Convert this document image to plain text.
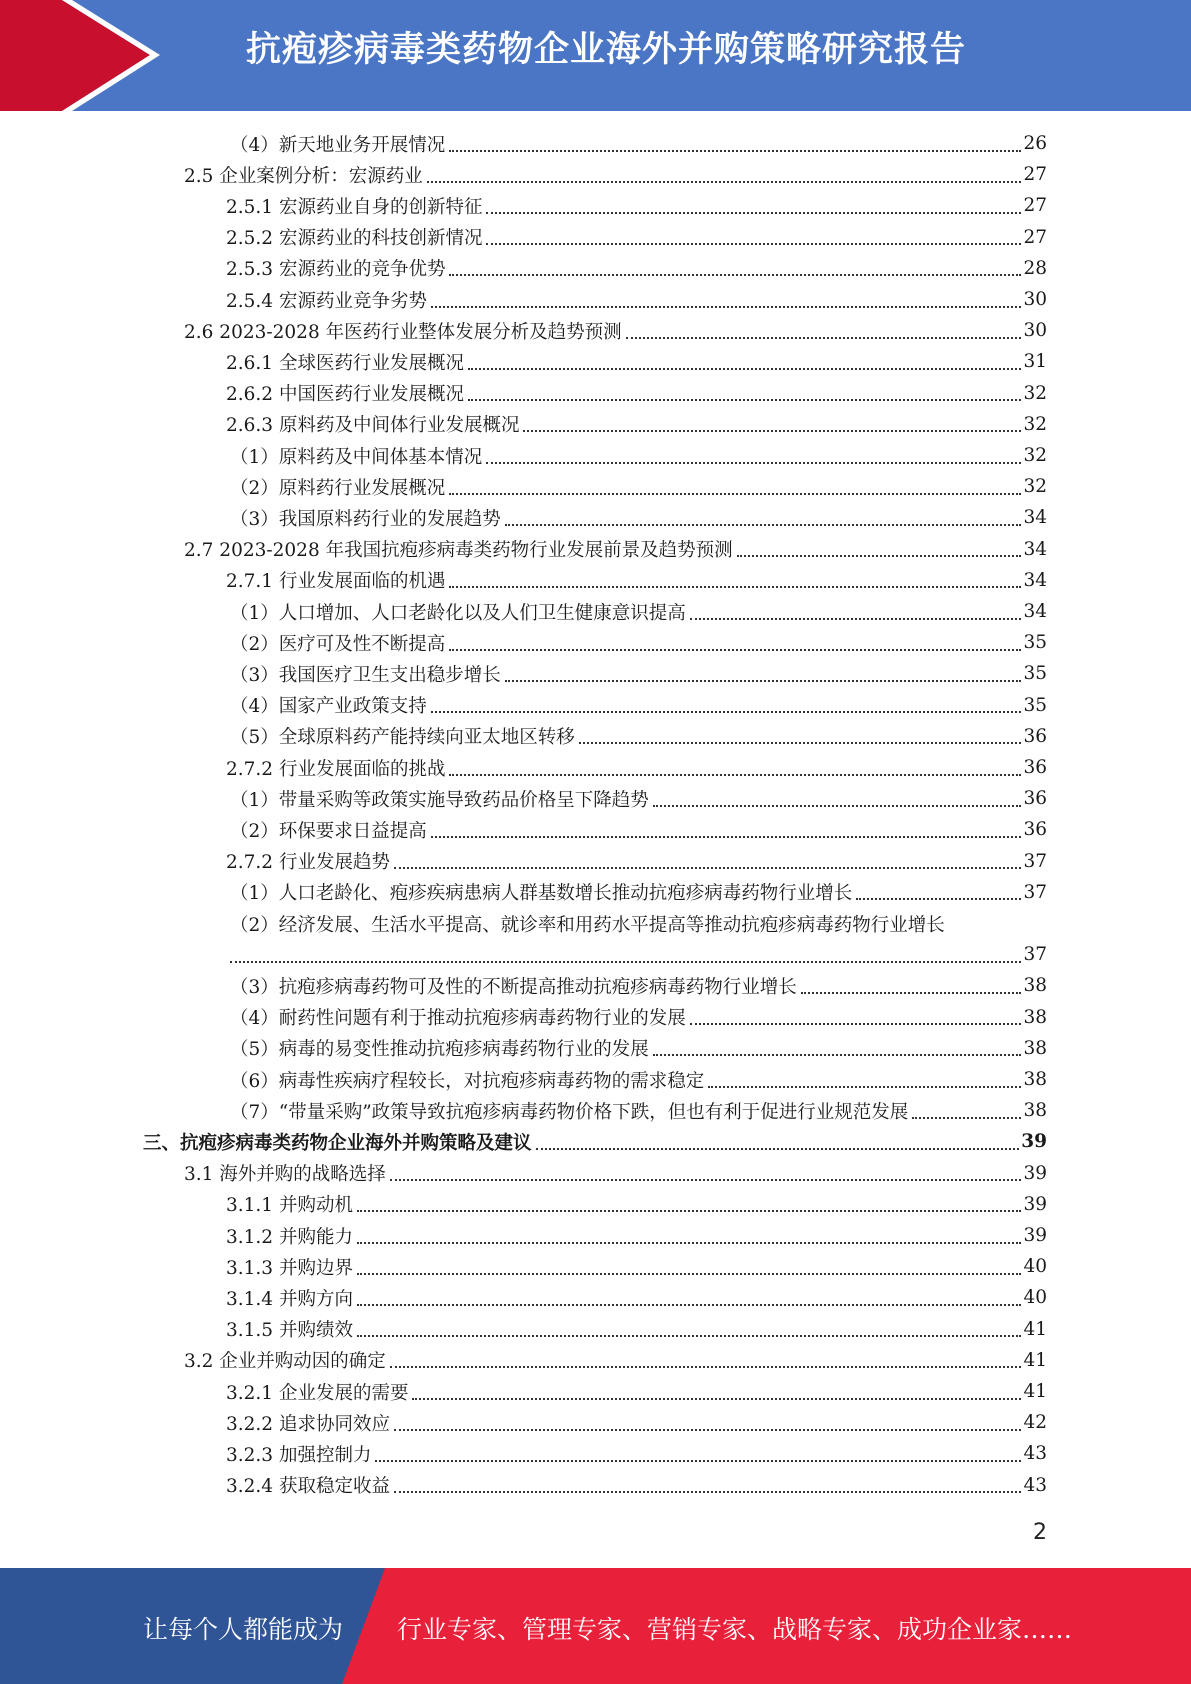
抗疱疹病毒类药物企业海外并购策略研究报告
（4）新天地业务开展情况	26
2.5 企业案例分析：宏源药业	27
2.5.1 宏源药业自身的创新特征	27
2.5.2 宏源药业的科技创新情况	27
2.5.3 宏源药业的竞争优势	28
2.5.4 宏源药业竞争劣势	30
2.6 2023-2028 年医药行业整体发展分析及趋势预测	30
2.6.1 全球医药行业发展概况	31
2.6.2 中国医药行业发展概况	32
2.6.3 原料药及中间体行业发展概况	32
（1）原料药及中间体基本情况	32
（2）原料药行业发展概况	32
（3）我国原料药行业的发展趋势	34
2.7 2023-2028 年我国抗疱疹病毒类药物行业发展前景及趋势预测	34
2.7.1 行业发展面临的机遇	34
（1）人口增加、人口老龄化以及人们卫生健康意识提高	34
（2）医疗可及性不断提高	35
（3）我国医疗卫生支出稳步增长	35
（4）国家产业政策支持	35
（5）全球原料药产能持续向亚太地区转移	36
2.7.2 行业发展面临的挑战	36
（1）带量采购等政策实施导致药品价格呈下降趋势	36
（2）环保要求日益提高	36
2.7.2 行业发展趋势	37
（1）人口老龄化、疱疹疾病患病人群基数增长推动抗疱疹病毒药物行业增长	37
（2）经济发展、生活水平提高、就诊率和用药水平提高等推动抗疱疹病毒药物行业增长
37
（3）抗疱疹病毒药物可及性的不断提高推动抗疱疹病毒药物行业增长	38
（4）耐药性问题有利于推动抗疱疹病毒药物行业的发展	38
（5）病毒的易变性推动抗疱疹病毒药物行业的发展	38
（6）病毒性疾病疗程较长，对抗疱疹病毒药物的需求稳定	38
（7）“带量采购”政策导致抗疱疹病毒药物价格下跌，但也有利于促进行业规范发展	38
三、抗疱疹病毒类药物企业海外并购策略及建议	39
3.1 海外并购的战略选择	39
3.1.1 并购动机	39
3.1.2 并购能力	39
3.1.3 并购边界	40
3.1.4 并购方向	40
3.1.5 并购绩效	41
3.2 企业并购动因的确定	41
3.2.1 企业发展的需要	41
3.2.2 追求协同效应	42
3.2.3 加强控制力	43
3.2.4 获取稳定收益	43
2
让每个人都能成为 行业专家、管理专家、营销专家、战略专家、成功企业家……
